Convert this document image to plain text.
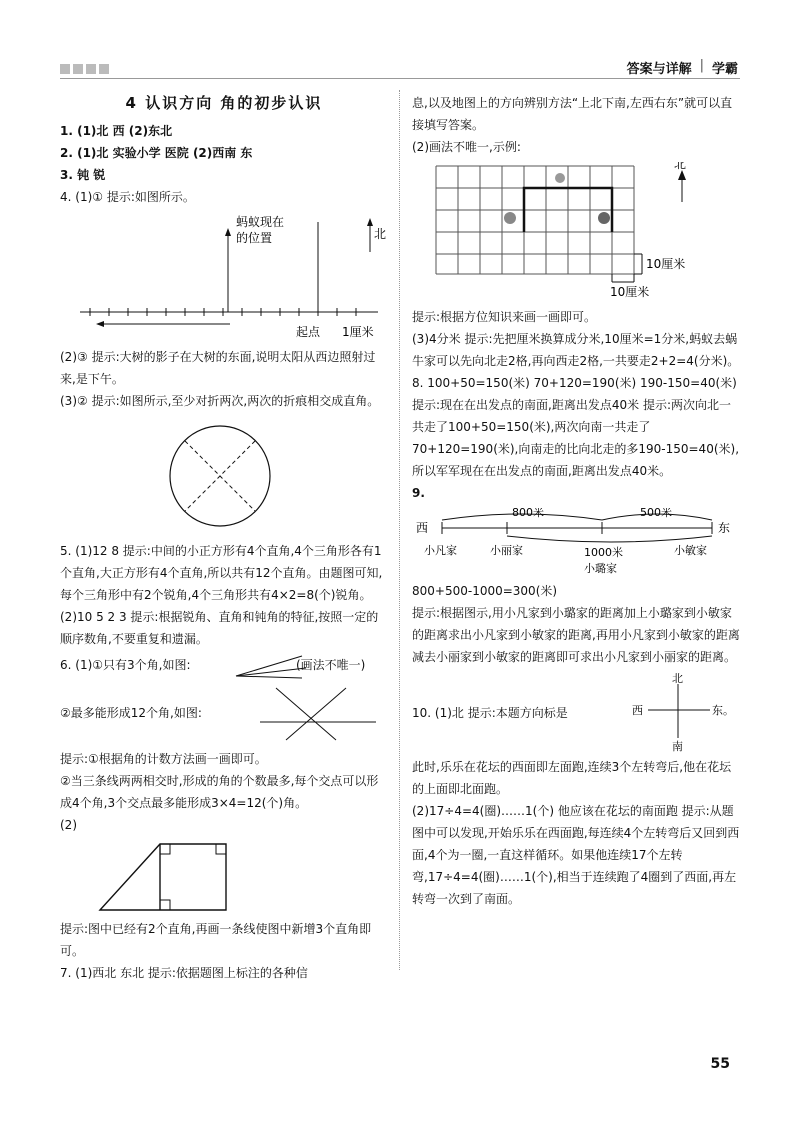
答案与详解 | 学霸
4 认识方向 角的初步认识
1. (1)北 西 (2)东北
2. (1)北 实验小学 医院 (2)西南 东
3. 钝 锐
4. (1)① 提示:如图所示。
蚂蚁现在
的位置	北
起点 1厘米
(2)③ 提示:大树的影子在大树的东面,说明太阳从西边照射过来,是下午。
(3)② 提示:如图所示,至少对折两次,两次的折痕相交成直角。
5. (1)12 8 提示:中间的小正方形有4个直角,4个三角形各有1个直角,大正方形有4个直角,所以共有12个直角。由题图可知,每个三角形中有2个锐角,4个三角形共有4×2=8(个)锐角。
(2)10 5 2 3 提示:根据锐角、直角和钝角的特征,按照一定的顺序数角,不要重复和遗漏。
6. (1)①只有3个角,如图:	(画法不唯一)
②最多能形成12个角,如图:
提示:①根据角的计数方法画一画即可。
②当三条线两两相交时,形成的角的个数最多,每个交点可以形成4个角,3个交点最多能形成3×4=12(个)角。
(2)
提示:图中已经有2个直角,再画一条线使图中新增3个直角即可。
7. (1)西北 东北 提示:依据题图上标注的各种信
息,以及地图上的方向辨别方法“上北下南,左西右东”就可以直接填写答案。
(2)画法不唯一,示例:
北
10厘米
10厘米
提示:根据方位知识来画一画即可。
(3)4分米 提示:先把厘米换算成分米,10厘米=1分米,蚂蚁去蜗牛家可以先向北走2格,再向西走2格,一共要走2+2=4(分米)。
8. 100+50=150(米) 70+120=190(米) 190-150=40(米) 提示:现在在出发点的南面,距离出发点40米 提示:两次向北一共走了100+50=150(米),两次向南一共走了70+120=190(米),向南走的比向北走的多190-150=40(米),所以军军现在在出发点的南面,距离出发点40米。
9.
西	东
800米	500米
1000米
小凡家	小丽家
小璐家
小敏家
800+500-1000=300(米)
提示:根据图示,用小凡家到小璐家的距离加上小璐家到小敏家的距离求出小凡家到小敏家的距离,再用小凡家到小敏家的距离减去小丽家到小敏家的距离即可求出小凡家到小丽家的距离。
10. (1)北 提示:本题方向标是
北
南
西	东。
此时,乐乐在花坛的西面即左面跑,连续3个左转弯后,他在花坛的上面即北面跑。
(2)17÷4=4(圈)……1(个) 他应该在花坛的南面跑 提示:从题图中可以发现,开始乐乐在西面跑,每连续4个左转弯后又回到西面,4个为一圈,一直这样循环。如果他连续17个左转弯,17÷4=4(圈)……1(个),相当于连续跑了4圈到了西面,再左转弯一次到了南面。
55
